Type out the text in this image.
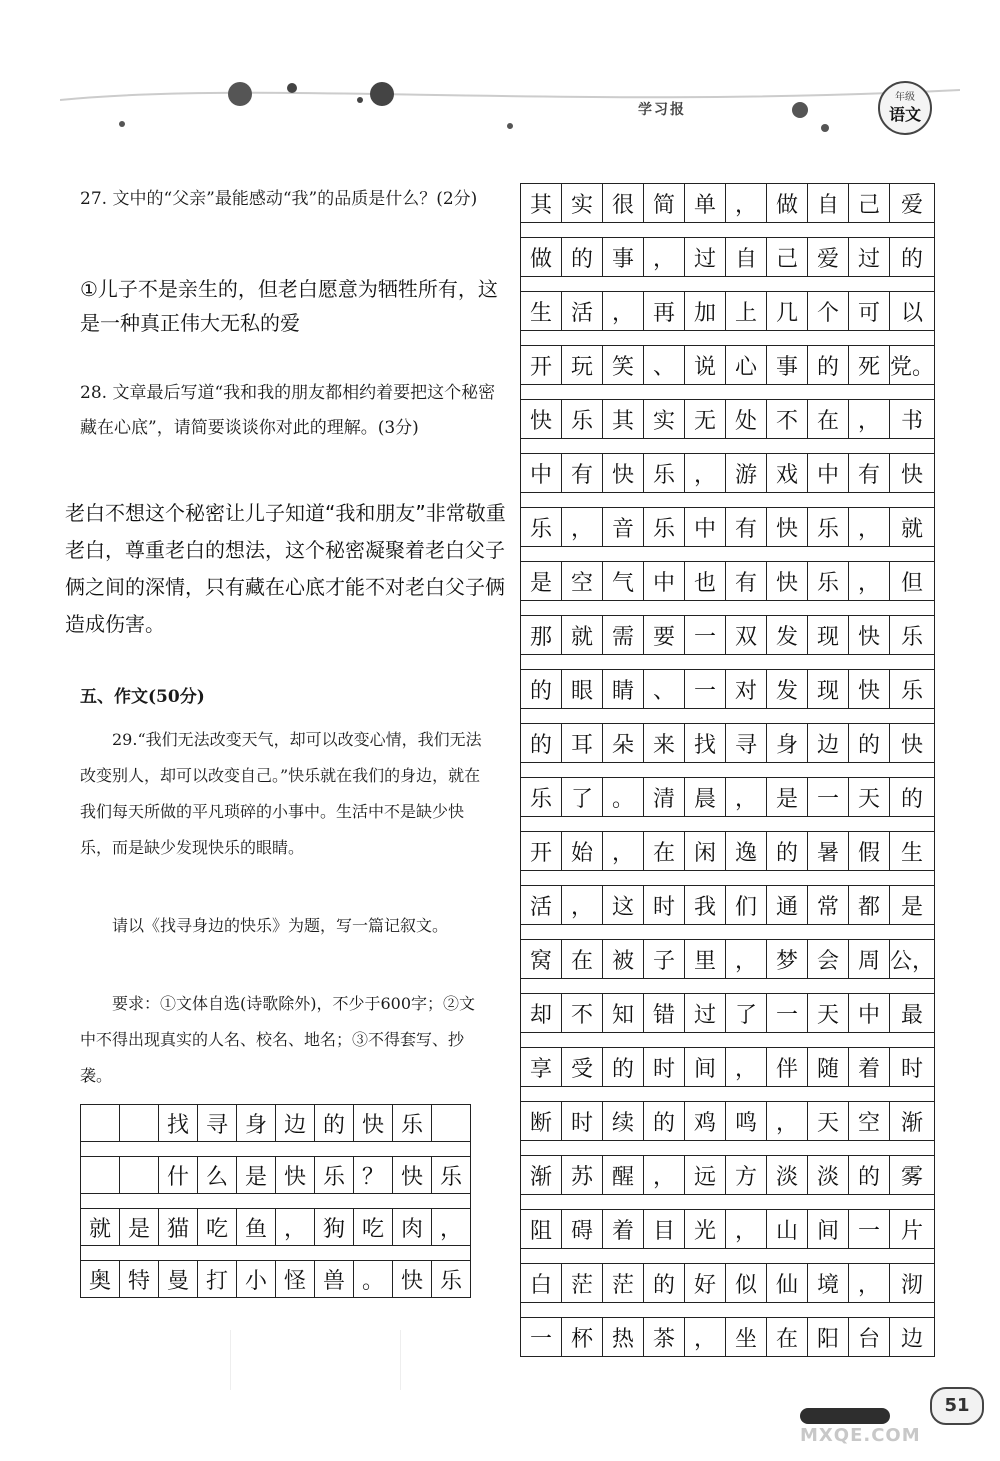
学习报
年级
语文

27. 文中的“父亲”最能感动“我”的品质是什么？(2分)

①儿子不是亲生的，但老白愿意为牺牲所有，这是一种真正伟大无私的爱

28. 文章最后写道“我和我的朋友都相约着要把这个秘密藏在心底”，请简要谈谈你对此的理解。(3分)

老白不想这个秘密让儿子知道“我和朋友”非常敬重老白，尊重老白的想法，这个秘密凝聚着老白父子俩之间的深情，只有藏在心底才能不对老白父子俩造成伤害。

五、作文(50分)

29.“我们无法改变天气，却可以改变心情，我们无法改变别人，却可以改变自己。”快乐就在我们的身边，就在我们每天所做的平凡琐碎的小事中。生活中不是缺少快乐，而是缺少发现快乐的眼睛。

请以《找寻身边的快乐》为题，写一篇记叙文。

要求：①文体自选(诗歌除外)，不少于600字；②文中不得出现真实的人名、校名、地名；③不得套写、抄袭。

		找	寻	身	边	的	快	乐	

		什	么	是	快	乐	？	快	乐

就	是	猫	吃	鱼	，	狗	吃	肉	，

奥	特	曼	打	小	怪	兽	。	快	乐
其	实	很	简	单	，	做	自	己	爱

做	的	事	，	过	自	己	爱	过	的

生	活	，	再	加	上	几	个	可	以

开	玩	笑	、	说	心	事	的	死	党。

快	乐	其	实	无	处	不	在	，	书

中	有	快	乐	，	游	戏	中	有	快

乐	，	音	乐	中	有	快	乐	，	就

是	空	气	中	也	有	快	乐	，	但

那	就	需	要	一	双	发	现	快	乐

的	眼	睛	、	一	对	发	现	快	乐

的	耳	朵	来	找	寻	身	边	的	快

乐	了	。	清	晨	，	是	一	天	的

开	始	，	在	闲	逸	的	暑	假	生

活	，	这	时	我	们	通	常	都	是

窝	在	被	子	里	，	梦	会	周	公，

却	不	知	错	过	了	一	天	中	最

享	受	的	时	间	，	伴	随	着	时

断	时	续	的	鸡	鸣	，	天	空	渐

渐	苏	醒	，	远	方	淡	淡	的	雾

阻	碍	着	目	光	，	山	间	一	片

白	茫	茫	的	好	似	仙	境	，	沏

一	杯	热	茶	，	坐	在	阳	台	边
51
MXQE.COM
